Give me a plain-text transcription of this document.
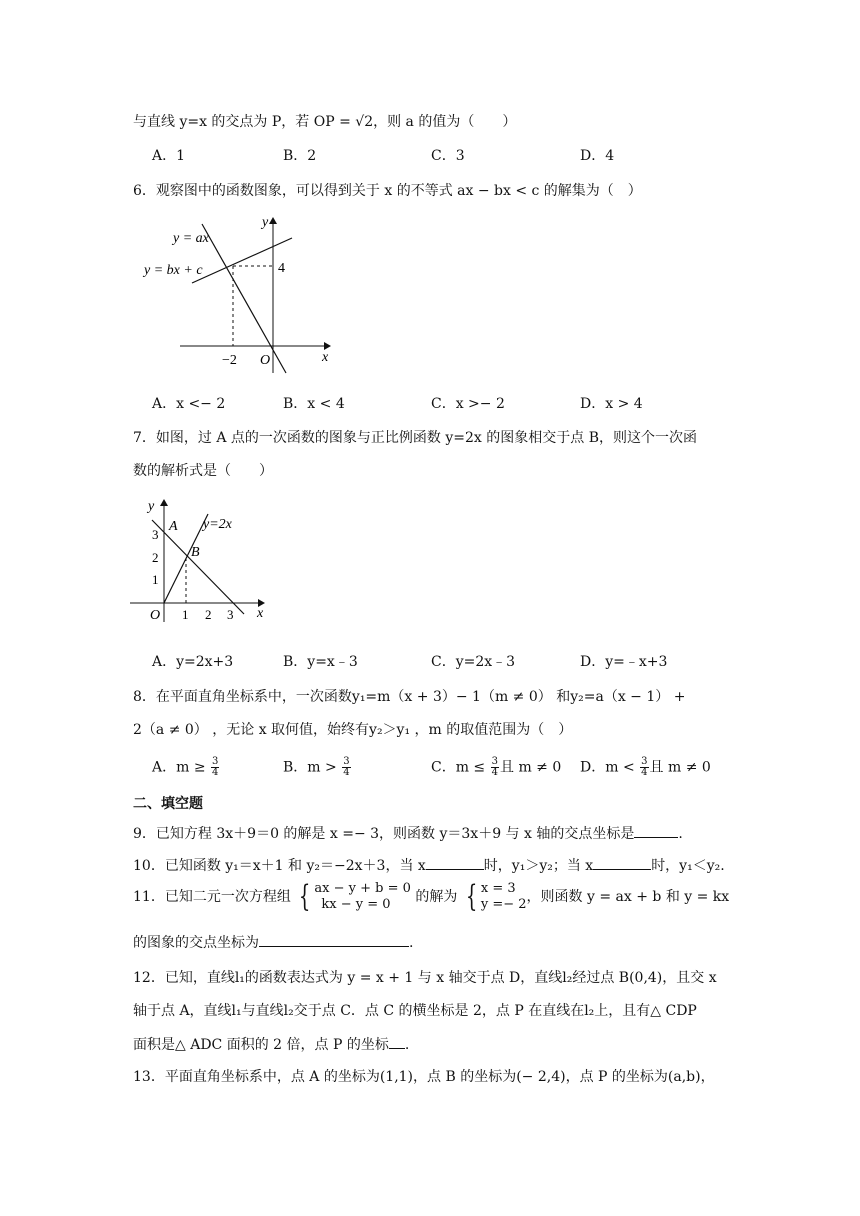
与直线 y=x 的交点为 P，若 OP = √2，则 a 的值为（　　）
A．1	B．2	C．3	D．4
6．观察图中的函数图象，可以得到关于 x 的不等式 ax − bx < c 的解集为（　）
y = ax
y = bx + c
y
x
4
−2 O
A．x <− 2	B．x < 4	C．x >− 2	D．x > 4
7．如图，过 A 点的一次函数的图象与正比例函数 y=2x 的图象相交于点 B，则这个一次函
数的解析式是（　　）
y
x
A
B
y=2x
O
3
2
1
1 2 3
A．y=2x+3	B．y=x﹣3	C．y=2x﹣3	D．y=﹣x+3
8．在平面直角坐标系中，一次函数y₁=m（x + 3）− 1（m ≠ 0） 和y₂=a（x − 1） +
2（a ≠ 0） ，无论 x 取何值，始终有y₂＞y₁ ，m 的取值范围为（　）
A．$m \ge \frac{3}{4}$	B．$m > \frac{3}{4}$	C．$m \le \frac{3}{4}$ 且 m ≠ 0 D．$m < \frac{3}{4}$ 且 m ≠ 0
二、填空题
9．已知方程 3x＋9＝0 的解是 x =− 3，则函数 y＝3x＋9 与 x 轴的交点坐标是	.
10．已知函数 y₁＝x＋1 和 y₂＝−2x＋3，当 x	时，y₁＞y₂；当 x	时，y₁＜y₂.
11．已知二元一次方程组 { ax − y + b = 0
kx − y = 0	的解为 { x = 3
y =− 2 ，则函数 y = ax + b 和 y = kx
的图象的交点坐标为	.
12．已知，直线l₁的函数表达式为 y = x + 1 与 x 轴交于点 D，直线l₂经过点 B(0,4)，且交 x
轴于点 A，直线l₁与直线l₂交于点 C．点 C 的横坐标是 2，点 P 在直线在l₂上，且有△ CDP
面积是△ ADC 面积的 2 倍，点 P 的坐标 .
13．平面直角坐标系中，点 A 的坐标为(1,1)，点 B 的坐标为(− 2,4)，点 P 的坐标为(a,b)，
